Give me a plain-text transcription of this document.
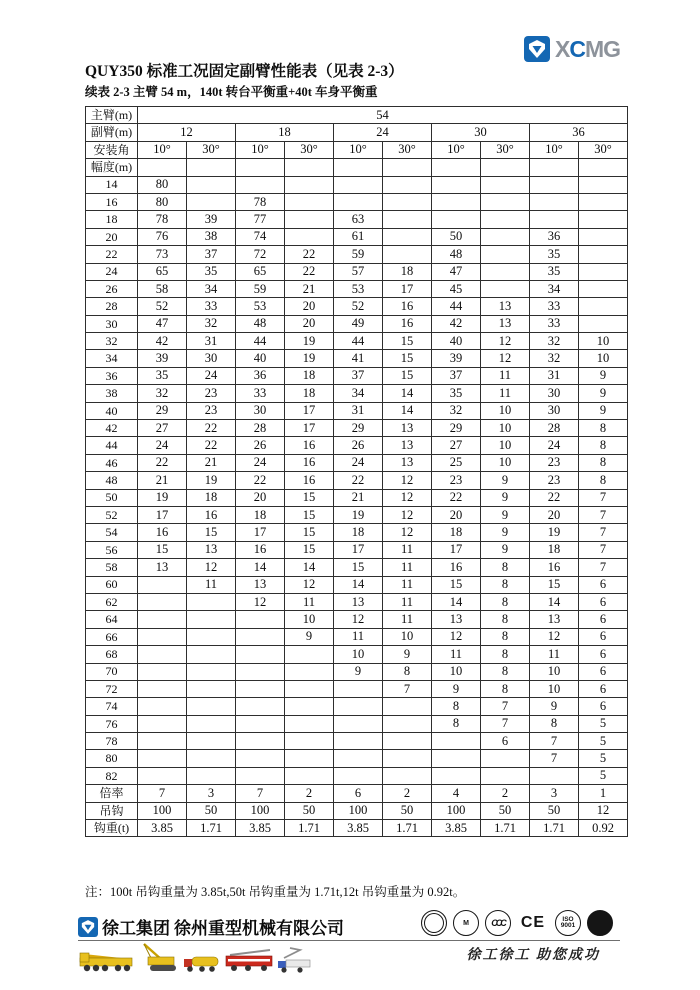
XCMG
QUY350 标准工况固定副臂性能表（见表 2-3）
续表 2-3 主臂 54 m，140t 转台平衡重+40t 车身平衡重
主臂(m)	54									
副臂(m)	12		18		24		30		36	
安装角	10°	30°	10°	30°	10°	30°	10°	30°	10°	30°
幅度(m)										
14	80									
16	80		78							
18	78	39	77		63					
20	76	38	74		61		50		36	
22	73	37	72	22	59		48		35	
24	65	35	65	22	57	18	47		35	
26	58	34	59	21	53	17	45		34	
28	52	33	53	20	52	16	44	13	33	
30	47	32	48	20	49	16	42	13	33	
32	42	31	44	19	44	15	40	12	32	10
34	39	30	40	19	41	15	39	12	32	10
36	35	24	36	18	37	15	37	11	31	9
38	32	23	33	18	34	14	35	11	30	9
40	29	23	30	17	31	14	32	10	30	9
42	27	22	28	17	29	13	29	10	28	8
44	24	22	26	16	26	13	27	10	24	8
46	22	21	24	16	24	13	25	10	23	8
48	21	19	22	16	22	12	23	9	23	8
50	19	18	20	15	21	12	22	9	22	7
52	17	16	18	15	19	12	20	9	20	7
54	16	15	17	15	18	12	18	9	19	7
56	15	13	16	15	17	11	17	9	18	7
58	13	12	14	14	15	11	16	8	16	7
60		11	13	12	14	11	15	8	15	6
62			12	11	13	11	14	8	14	6
64				10	12	11	13	8	13	6
66				9	11	10	12	8	12	6
68					10	9	11	8	11	6
70					9	8	10	8	10	6
72						7	9	8	10	6
74							8	7	9	6
76							8	7	8	5
78								6	7	5
80									7	5
82										5
倍率	7	3	7	2	6	2	4	2	3	1
吊钩	100	50	100	50	100	50	100	50	50	12
钩重(t)	3.85	1.71	3.85	1.71	3.85	1.71	3.85	1.71	1.71	0.92
注：100t 吊钩重量为 3.85t,50t 吊钩重量为 1.71t,12t 吊钩重量为 0.92t。
徐工集团 徐州重型机械有限公司	M	CCC	CE	ISO
9001
徐工徐工 助您成功
